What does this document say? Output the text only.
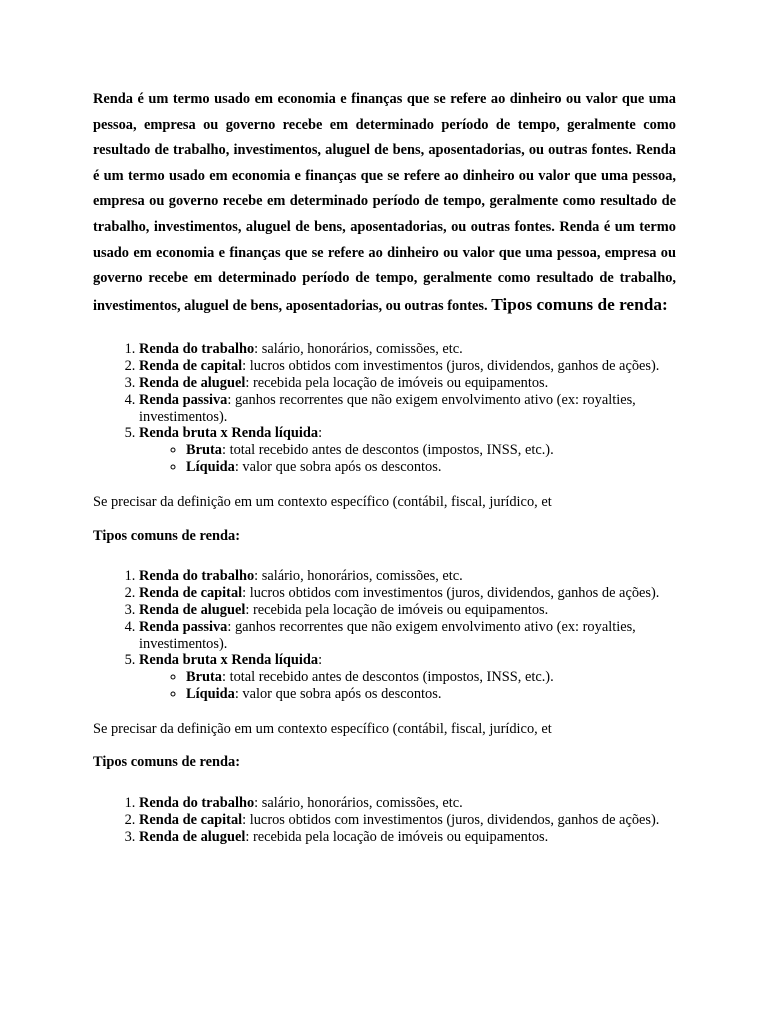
Renda é um termo usado em economia e finanças que se refere ao dinheiro ou valor que uma pessoa, empresa ou governo recebe em determinado período de tempo, geralmente como resultado de trabalho, investimentos, aluguel de bens, aposentadorias, ou outras fontes. Renda é um termo usado em economia e finanças que se refere ao dinheiro ou valor que uma pessoa, empresa ou governo recebe em determinado período de tempo, geralmente como resultado de trabalho, investimentos, aluguel de bens, aposentadorias, ou outras fontes. Renda é um termo usado em economia e finanças que se refere ao dinheiro ou valor que uma pessoa, empresa ou governo recebe em determinado período de tempo, geralmente como resultado de trabalho, investimentos, aluguel de bens, aposentadorias, ou outras fontes. Tipos comuns de renda:

1. Renda do trabalho: salário, honorários, comissões, etc.
2. Renda de capital: lucros obtidos com investimentos (juros, dividendos, ganhos de ações).
3. Renda de aluguel: recebida pela locação de imóveis ou equipamentos.
4. Renda passiva: ganhos recorrentes que não exigem envolvimento ativo (ex: royalties, investimentos).
5. Renda bruta x Renda líquida:
◦ Bruta: total recebido antes de descontos (impostos, INSS, etc.).
◦ Líquida: valor que sobra após os descontos.

Se precisar da definição em um contexto específico (contábil, fiscal, jurídico, et

Tipos comuns de renda:

1. Renda do trabalho: salário, honorários, comissões, etc.
2. Renda de capital: lucros obtidos com investimentos (juros, dividendos, ganhos de ações).
3. Renda de aluguel: recebida pela locação de imóveis ou equipamentos.
4. Renda passiva: ganhos recorrentes que não exigem envolvimento ativo (ex: royalties, investimentos).
5. Renda bruta x Renda líquida:
◦ Bruta: total recebido antes de descontos (impostos, INSS, etc.).
◦ Líquida: valor que sobra após os descontos.

Se precisar da definição em um contexto específico (contábil, fiscal, jurídico, et

Tipos comuns de renda:

1. Renda do trabalho: salário, honorários, comissões, etc.
2. Renda de capital: lucros obtidos com investimentos (juros, dividendos, ganhos de ações).
3. Renda de aluguel: recebida pela locação de imóveis ou equipamentos.
